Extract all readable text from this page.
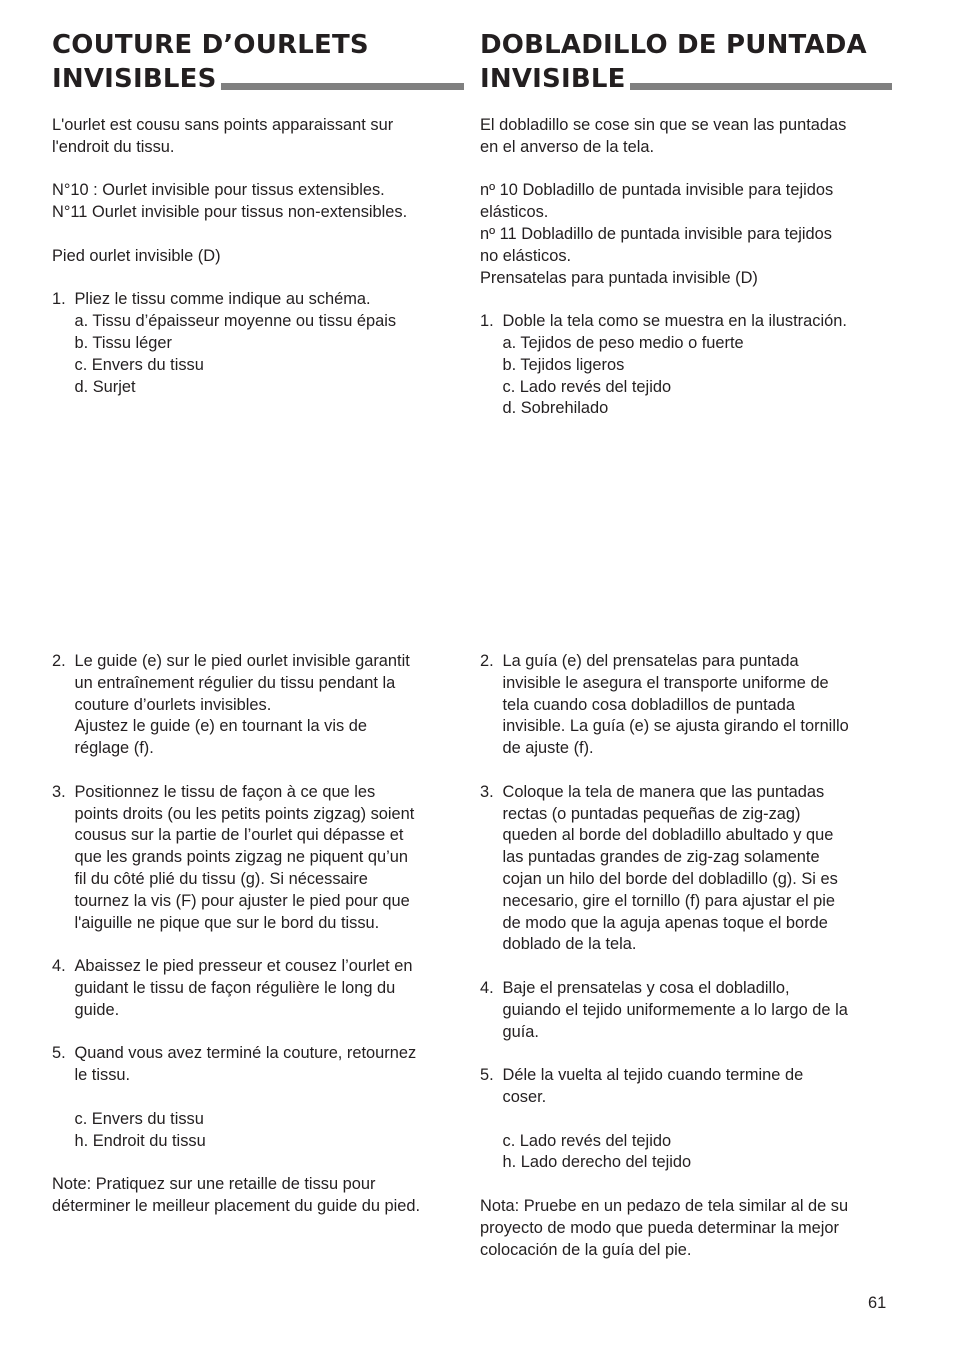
COUTURE D’OURLETS
INVISIBLES

L'ourlet est cousu sans points apparaissant sur

l'endroit du tissu.

N°10 : Ourlet invisible pour tissus extensibles.

N°11 Ourlet invisible pour tissus non-extensibles.

Pied ourlet invisible (D)

1. Pliez le tissu comme indique au schéma.

a. Tissu d’épaisseur moyenne ou tissu épais

b. Tissu léger

c. Envers du tissu

d. Surjet

DOBLADILLO DE PUNTADA
INVISIBLE

El dobladillo se cose sin que se vean las puntadas

en el anverso de la tela.

nº 10 Dobladillo de puntada invisible para tejidos

elásticos.

nº 11 Dobladillo de puntada invisible para tejidos

no elásticos.

Prensatelas para puntada invisible (D)

1. Doble la tela como se muestra en la ilustración.

a. Tejidos de peso medio o fuerte

b. Tejidos ligeros

c. Lado revés del tejido

d. Sobrehilado

2. Le guide (e) sur le pied ourlet invisible garantit

un entraînement régulier du tissu pendant la

couture d’ourlets invisibles.

Ajustez le guide (e) en tournant la vis de

réglage (f).

3. Positionnez le tissu de façon à ce que les

points droits (ou les petits points zigzag) soient

cousus sur la partie de l’ourlet qui dépasse et

que les grands points zigzag ne piquent qu’un

fil du côté plié du tissu (g). Si nécessaire

tournez la vis (F) pour ajuster le pied pour que

l'aiguille ne pique que sur le bord du tissu.

4. Abaissez le pied presseur et cousez l’ourlet en

guidant le tissu de façon régulière le long du

guide.

5. Quand vous avez terminé la couture, retournez

le tissu.

c. Envers du tissu

h. Endroit du tissu

Note: Pratiquez sur une retaille de tissu pour

déterminer le meilleur placement du guide du pied.

2. La guía (e) del prensatelas para puntada

invisible le asegura el transporte uniforme de

tela cuando cosa dobladillos de puntada

invisible. La guía (e) se ajusta girando el tornillo

de ajuste (f).

3. Coloque la tela de manera que las puntadas

rectas (o puntadas pequeñas de zig-zag)

queden al borde del dobladillo abultado y que

las puntadas grandes de zig-zag solamente

cojan un hilo del borde del dobladillo (g). Si es

necesario, gire el tornillo (f) para ajustar el pie

de modo que la aguja apenas toque el borde

doblado de la tela.

4. Baje el prensatelas y cosa el dobladillo,

guiando el tejido uniformemente a lo largo de la

guía.

5. Déle la vuelta al tejido cuando termine de

coser.

c. Lado revés del tejido

h. Lado derecho del tejido

Nota: Pruebe en un pedazo de tela similar al de su

proyecto de modo que pueda determinar la mejor

colocación de la guía del pie.

61
